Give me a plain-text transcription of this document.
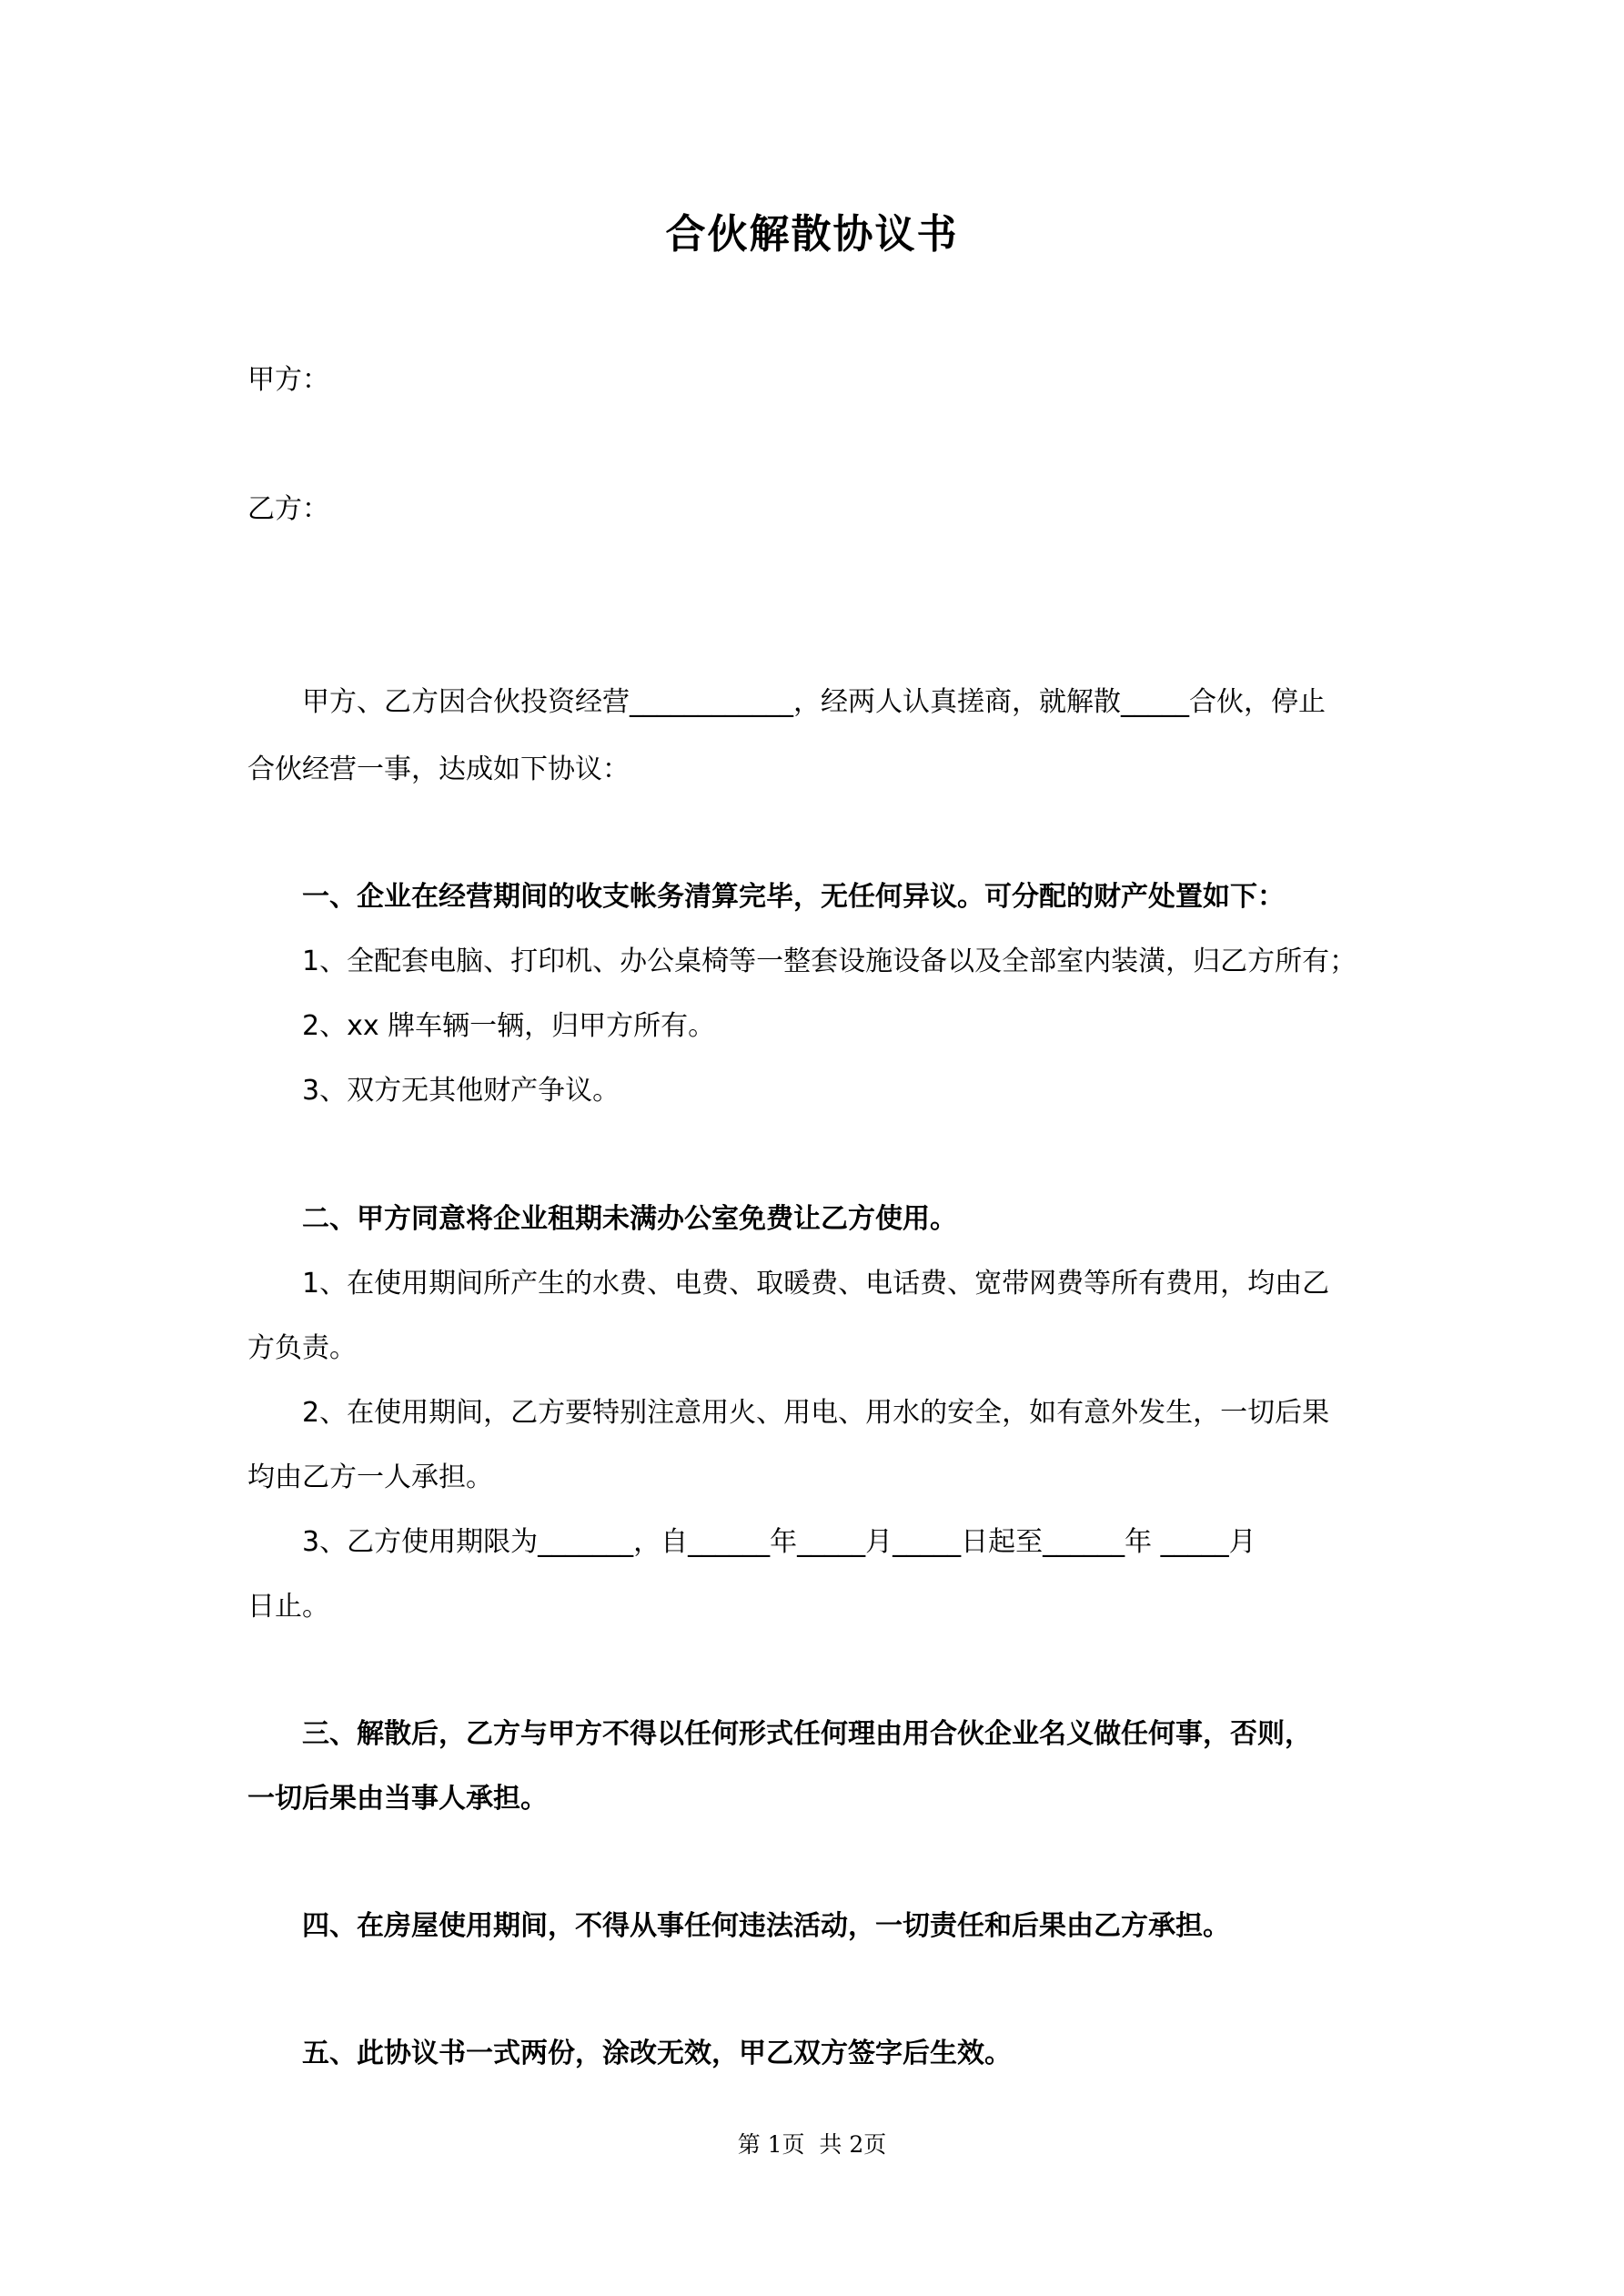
合伙解散协议书
甲方：
乙方：
甲方、乙方因合伙投资经营____________，经两人认真搓商，就解散_____合伙，停止
合伙经营一事，达成如下协议：
一、企业在经营期间的收支帐务清算完毕，无任何异议。可分配的财产处置如下：
1、全配套电脑、打印机、办公桌椅等一整套设施设备以及全部室内装潢，归乙方所有；
2、xx 牌车辆一辆，归甲方所有。
3、双方无其他财产争议。
二、甲方同意将企业租期未满办公室免费让乙方使用。
1、在使用期间所产生的水费、电费、取暖费、电话费、宽带网费等所有费用，均由乙
方负责。
2、在使用期间，乙方要特别注意用火、用电、用水的安全，如有意外发生，一切后果
均由乙方一人承担。
3、乙方使用期限为_______，自______年_____月_____日起至______年 _____月
日止。
三、解散后，乙方与甲方不得以任何形式任何理由用合伙企业名义做任何事，否则，
一切后果由当事人承担。
四、在房屋使用期间，不得从事任何违法活动，一切责任和后果由乙方承担。
五、此协议书一式两份，涂改无效，甲乙双方签字后生效。
第 1页  共 2页
